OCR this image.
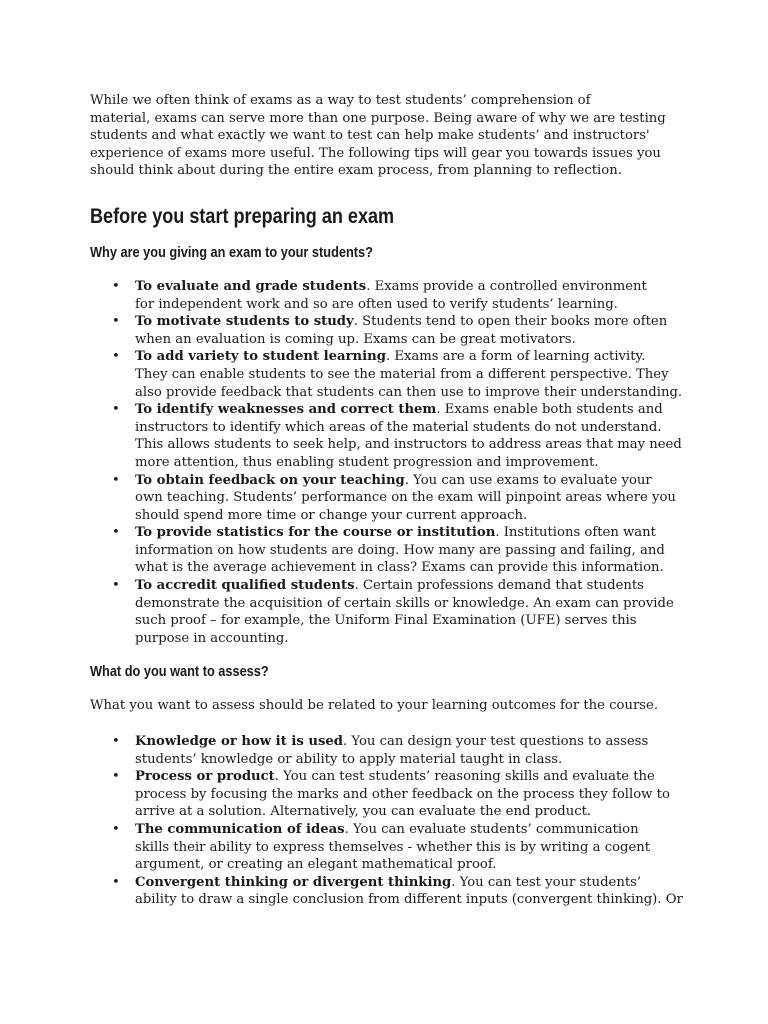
While we often think of exams as a way to test students’ comprehension of
material, exams can serve more than one purpose. Being aware of why we are testing
students and what exactly we want to test can help make students’ and instructors'
experience of exams more useful. The following tips will gear you towards issues you
should think about during the entire exam process, from planning to reflection.

Before you start preparing an exam
Why are you giving an exam to your students?
• To evaluate and grade students. Exams provide a controlled environment
for independent work and so are often used to verify students’ learning.
• To motivate students to study. Students tend to open their books more often
when an evaluation is coming up. Exams can be great motivators.
• To add variety to student learning. Exams are a form of learning activity.
They can enable students to see the material from a different perspective. They
also provide feedback that students can then use to improve their understanding.
• To identify weaknesses and correct them. Exams enable both students and
instructors to identify which areas of the material students do not understand.
This allows students to seek help, and instructors to address areas that may need
more attention, thus enabling student progression and improvement.
• To obtain feedback on your teaching. You can use exams to evaluate your
own teaching. Students’ performance on the exam will pinpoint areas where you
should spend more time or change your current approach.
• To provide statistics for the course or institution. Institutions often want
information on how students are doing. How many are passing and failing, and
what is the average achievement in class? Exams can provide this information.
• To accredit qualified students. Certain professions demand that students
demonstrate the acquisition of certain skills or knowledge. An exam can provide
such proof – for example, the Uniform Final Examination (UFE) serves this
purpose in accounting.
What do you want to assess?

What you want to assess should be related to your learning outcomes for the course.

• Knowledge or how it is used. You can design your test questions to assess
students’ knowledge or ability to apply material taught in class.
• Process or product. You can test students’ reasoning skills and evaluate the
process by focusing the marks and other feedback on the process they follow to
arrive at a solution. Alternatively, you can evaluate the end product.
• The communication of ideas. You can evaluate students’ communication
skills their ability to express themselves - whether this is by writing a cogent
argument, or creating an elegant mathematical proof.
• Convergent thinking or divergent thinking. You can test your students’
ability to draw a single conclusion from different inputs (convergent thinking). Or
